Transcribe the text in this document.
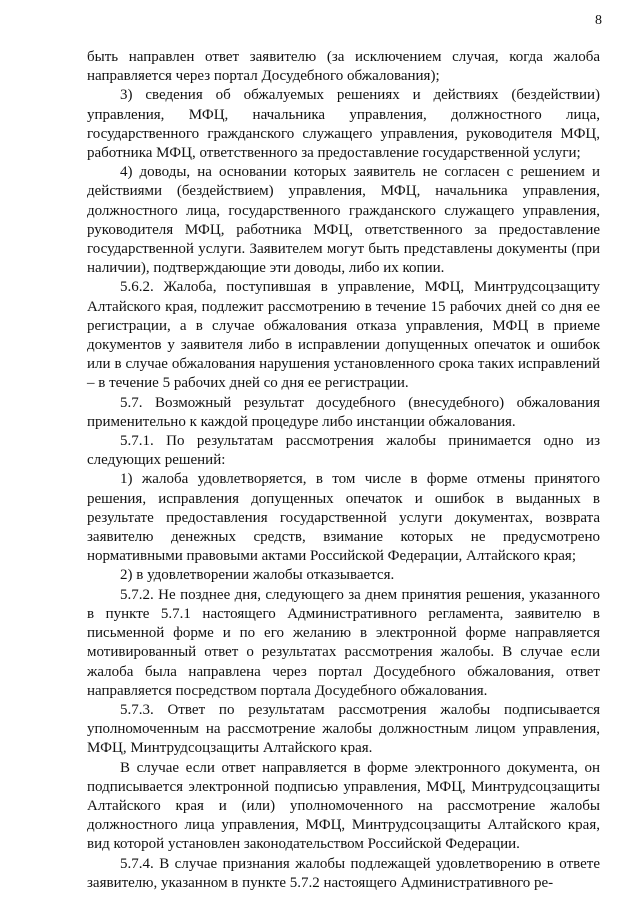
8

быть направлен ответ заявителю (за исключением случая, когда жалоба направляется через портал Досудебного обжалования);

3) сведения об обжалуемых решениях и действиях (бездействии) управления, МФЦ, начальника управления, должностного лица, государственного гражданского служащего управления, руководителя МФЦ, работника МФЦ, ответственного за предоставление государственной услуги;

4) доводы, на основании которых заявитель не согласен с решением и действиями (бездействием) управления, МФЦ, начальника управления, должностного лица, государственного гражданского служащего управления, руководителя МФЦ, работника МФЦ, ответственного за предоставление государственной услуги. Заявителем могут быть представлены документы (при наличии), подтверждающие эти доводы, либо их копии.

5.6.2. Жалоба, поступившая в управление, МФЦ, Минтрудсоцзащиту Алтайского края, подлежит рассмотрению в течение 15 рабочих дней со дня ее регистрации, а в случае обжалования отказа управления, МФЦ в приеме документов у заявителя либо в исправлении допущенных опечаток и ошибок или в случае обжалования нарушения установленного срока таких исправлений – в течение 5 рабочих дней со дня ее регистрации.

5.7. Возможный результат досудебного (внесудебного) обжалования применительно к каждой процедуре либо инстанции обжалования.

5.7.1. По результатам рассмотрения жалобы принимается одно из следующих решений:

1) жалоба удовлетворяется, в том числе в форме отмены принятого решения, исправления допущенных опечаток и ошибок в выданных в результате предоставления государственной услуги документах, возврата заявителю денежных средств, взимание которых не предусмотрено нормативными правовыми актами Российской Федерации, Алтайского края;

2) в удовлетворении жалобы отказывается.

5.7.2. Не позднее дня, следующего за днем принятия решения, указанного в пункте 5.7.1 настоящего Административного регламента, заявителю в письменной форме и по его желанию в электронной форме направляется мотивированный ответ о результатах рассмотрения жалобы. В случае если жалоба была направлена через портал Досудебного обжалования, ответ направляется посредством портала Досудебного обжалования.

5.7.3. Ответ по результатам рассмотрения жалобы подписывается уполномоченным на рассмотрение жалобы должностным лицом управления, МФЦ, Минтрудсоцзащиты Алтайского края.

В случае если ответ направляется в форме электронного документа, он подписывается электронной подписью управления, МФЦ, Минтрудсоцзащиты Алтайского края и (или) уполномоченного на рассмотрение жалобы должностного лица управления, МФЦ, Минтрудсоцзащиты Алтайского края, вид которой установлен законодательством Российской Федерации.

5.7.4. В случае признания жалобы подлежащей удовлетворению в ответе заявителю, указанном в пункте 5.7.2 настоящего Административного ре-
